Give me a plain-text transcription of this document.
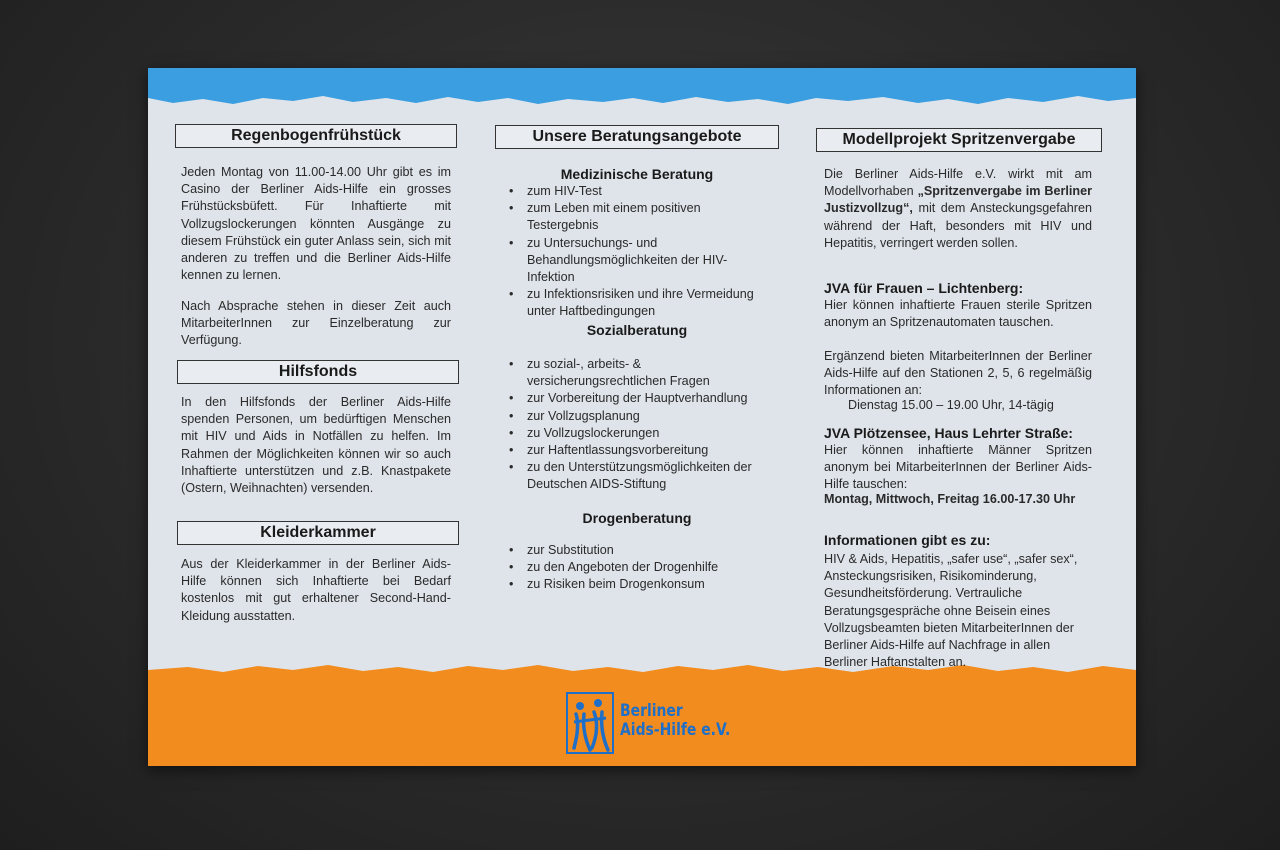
Regenbogenfrühstück
Jeden Montag von 11.00-14.00 Uhr gibt es im Casino der Berliner Aids-Hilfe ein grosses Frühstücksbüfett. Für Inhaftierte mit Vollzugslockerungen könnten Ausgänge zu diesem Frühstück ein guter Anlass sein, sich mit anderen zu treffen und die Berliner Aids-Hilfe kennen zu lernen.
Nach Absprache stehen in dieser Zeit auch MitarbeiterInnen zur Einzelberatung zur Verfügung.
Hilfsfonds
In den Hilfsfonds der Berliner Aids-Hilfe spenden Personen, um bedürftigen Menschen mit HIV und Aids in Notfällen zu helfen. Im Rahmen der Möglichkeiten können wir so auch Inhaftierte unterstützen und z.B. Knastpakete (Ostern, Weihnachten) versenden.
Kleiderkammer
Aus der Kleiderkammer in der Berliner Aids-Hilfe können sich Inhaftierte bei Bedarf kostenlos mit gut erhaltener Second-Hand-Kleidung ausstatten.
Unsere Beratungsangebote
Medizinische Beratung
• zum HIV-Test
• zum Leben mit einem positiven Testergebnis
• zu Untersuchungs- und Behandlungsmöglichkeiten der HIV-Infektion
• zu Infektionsrisiken und ihre Vermeidung unter Haftbedingungen
Sozialberatung
• zu sozial-, arbeits- & versicherungsrechtlichen Fragen
• zur Vorbereitung der Hauptverhandlung
• zur Vollzugsplanung
• zu Vollzugslockerungen
• zur Haftentlassungsvorbereitung
• zu den Unterstützungsmöglichkeiten der Deutschen AIDS-Stiftung
Drogenberatung
• zur Substitution
• zu den Angeboten der Drogenhilfe
• zu Risiken beim Drogenkonsum
Modellprojekt Spritzenvergabe
Die Berliner Aids-Hilfe e.V. wirkt mit am Modellvorhaben „Spritzenvergabe im Berliner Justizvollzug“, mit dem Ansteckungsgefahren während der Haft, besonders mit HIV und Hepatitis, verringert werden sollen.
JVA für Frauen – Lichtenberg:
Hier können inhaftierte Frauen sterile Spritzen anonym an Spritzenautomaten tauschen.
Ergänzend bieten MitarbeiterInnen der Berliner Aids-Hilfe auf den Stationen 2, 5, 6 regelmäßig Informationen an:
Dienstag 15.00 – 19.00 Uhr, 14-tägig
JVA Plötzensee, Haus Lehrter Straße:
Hier können inhaftierte Männer Spritzen anonym bei MitarbeiterInnen der Berliner Aids-Hilfe tauschen:
Montag, Mittwoch, Freitag 16.00-17.30 Uhr
Informationen gibt es zu:
HIV & Aids, Hepatitis, „safer use“, „safer sex“, Ansteckungsrisiken, Risikominderung, Gesundheitsförderung. Vertrauliche Beratungsgespräche ohne Beisein eines Vollzugsbeamten bieten MitarbeiterInnen der Berliner Aids-Hilfe auf Nachfrage in allen Berliner Haftanstalten an.
Berliner
Aids-Hilfe e.V.
